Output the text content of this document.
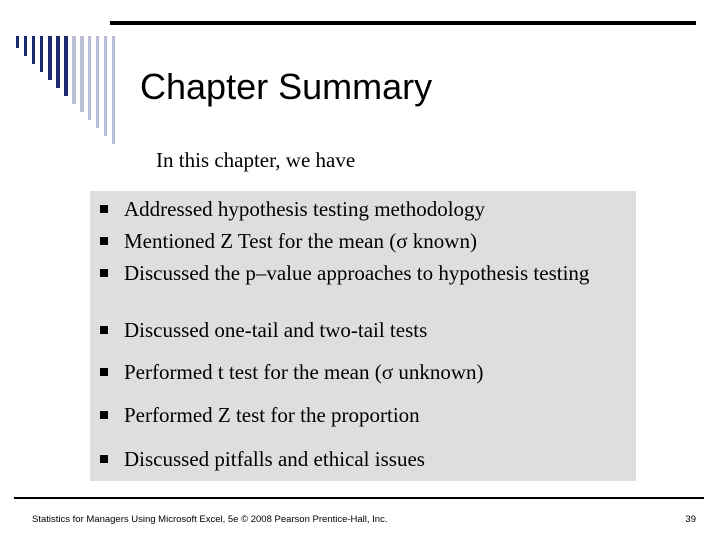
Chapter Summary
In this chapter, we have
Addressed hypothesis testing methodology
Mentioned Z Test for the mean (σ known)
Discussed the p–value approaches to hypothesis testing
Discussed one-tail and two-tail tests
Performed t test for the mean (σ unknown)
Performed Z test for the proportion
Discussed pitfalls and ethical issues
Statistics for Managers Using Microsoft Excel, 5e © 2008 Pearson Prentice-Hall, Inc.	39
